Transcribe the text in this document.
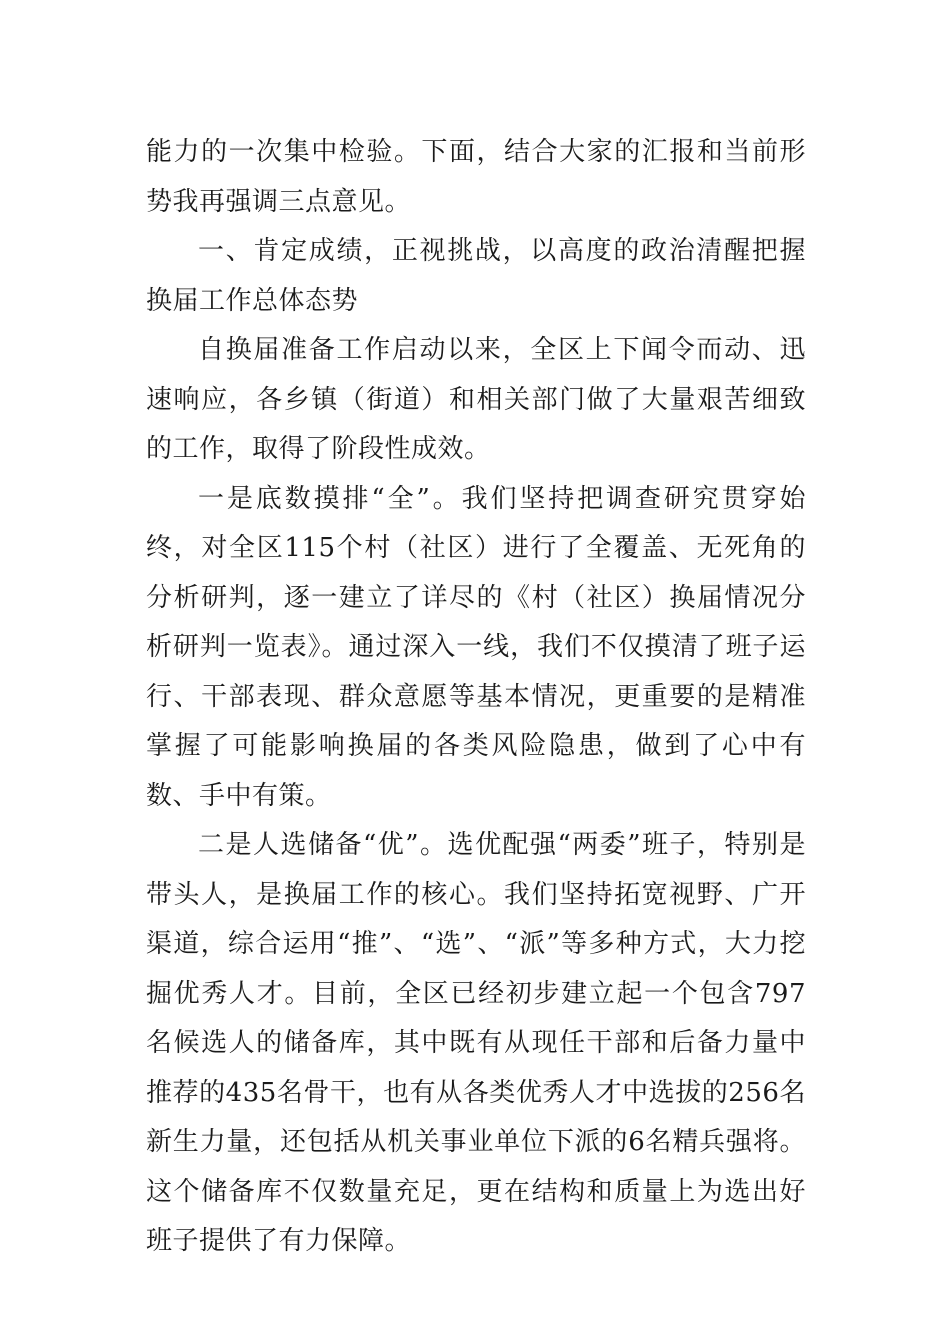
能力的一次集中检验。下面，结合大家的汇报和当前形势我再强调三点意见。

一、肯定成绩，正视挑战，以高度的政治清醒把握换届工作总体态势

自换届准备工作启动以来，全区上下闻令而动、迅速响应，各乡镇（街道）和相关部门做了大量艰苦细致的工作，取得了阶段性成效。

一是底数摸排“全”。我们坚持把调查研究贯穿始终，对全区115个村（社区）进行了全覆盖、无死角的分析研判，逐一建立了详尽的《村（社区）换届情况分析研判一览表》。通过深入一线，我们不仅摸清了班子运行、干部表现、群众意愿等基本情况，更重要的是精准掌握了可能影响换届的各类风险隐患，做到了心中有数、手中有策。

二是人选储备“优”。选优配强“两委”班子，特别是带头人，是换届工作的核心。我们坚持拓宽视野、广开渠道，综合运用“推”、“选”、“派”等多种方式，大力挖掘优秀人才。目前，全区已经初步建立起一个包含797名候选人的储备库，其中既有从现任干部和后备力量中推荐的435名骨干，也有从各类优秀人才中选拔的256名新生力量，还包括从机关事业单位下派的6名精兵强将。这个储备库不仅数量充足，更在结构和质量上为选出好班子提供了有力保障。
